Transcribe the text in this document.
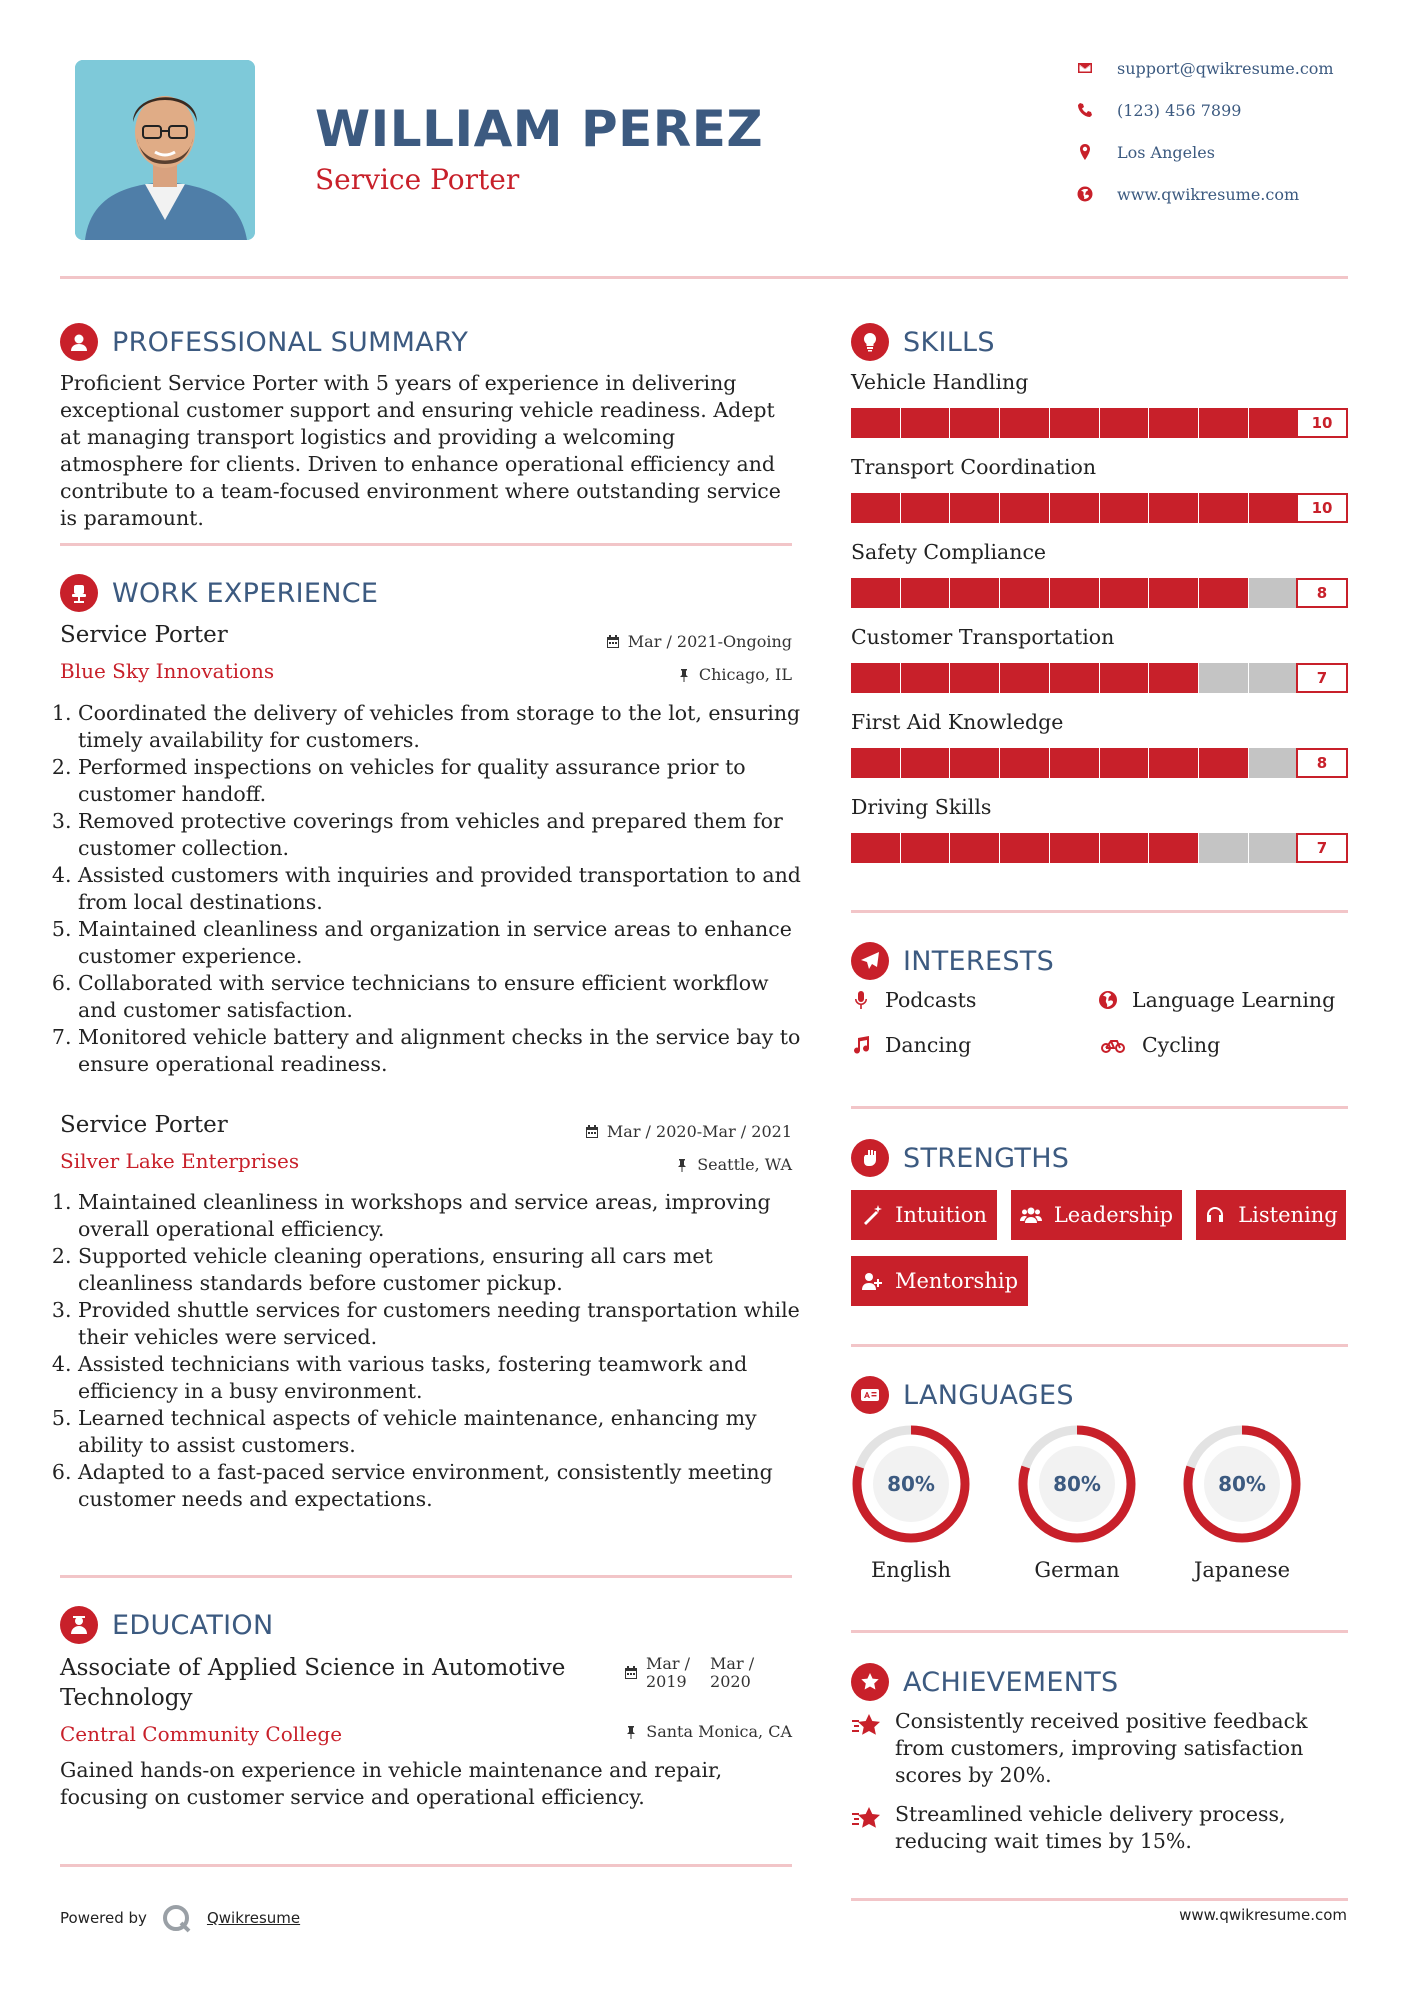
WILLIAM PEREZ
Service Porter
support@qwikresume.com
(123) 456 7899
Los Angeles
www.qwikresume.com
PROFESSIONAL SUMMARY
Proficient Service Porter with 5 years of experience in delivering exceptional customer support and ensuring vehicle readiness. Adept at managing transport logistics and providing a welcoming atmosphere for clients. Driven to enhance operational efficiency and contribute to a team-focused environment where outstanding service is paramount.
WORK EXPERIENCE
Service Porter	Mar / 2021-Ongoing
Blue Sky Innovations	Chicago, IL
1. Coordinated the delivery of vehicles from storage to the lot, ensuring timely availability for customers.
2. Performed inspections on vehicles for quality assurance prior to customer handoff.
3. Removed protective coverings from vehicles and prepared them for customer collection.
4. Assisted customers with inquiries and provided transportation to and from local destinations.
5. Maintained cleanliness and organization in service areas to enhance customer experience.
6. Collaborated with service technicians to ensure efficient workflow and customer satisfaction.
7. Monitored vehicle battery and alignment checks in the service bay to ensure operational readiness.
Service Porter	Mar / 2020-Mar / 2021
Silver Lake Enterprises	Seattle, WA
1. Maintained cleanliness in workshops and service areas, improving overall operational efficiency.
2. Supported vehicle cleaning operations, ensuring all cars met cleanliness standards before customer pickup.
3. Provided shuttle services for customers needing transportation while their vehicles were serviced.
4. Assisted technicians with various tasks, fostering teamwork and efficiency in a busy environment.
5. Learned technical aspects of vehicle maintenance, enhancing my ability to assist customers.
6. Adapted to a fast-paced service environment, consistently meeting customer needs and expectations.
EDUCATION
Associate of Applied Science in Automotive
Technology
Mar /
2019
Mar /
2020
Central Community College	Santa Monica, CA
Gained hands-on experience in vehicle maintenance and repair, focusing on customer service and operational efficiency.
SKILLS
Vehicle Handling
10
Transport Coordination
10
Safety Compliance
8
Customer Transportation
7
First Aid Knowledge
8
Driving Skills
7
INTERESTS
Podcasts	Language Learning
Dancing	Cycling
STRENGTHS
Intuition	Leadership	Listening
Mentorship
LANGUAGES
80%
English
80%
German
80%
Japanese
ACHIEVEMENTS
Consistently received positive feedback from customers, improving satisfaction scores by 20%.
Streamlined vehicle delivery process, reducing wait times by 15%.
Powered by	Qwikresume	www.qwikresume.com
